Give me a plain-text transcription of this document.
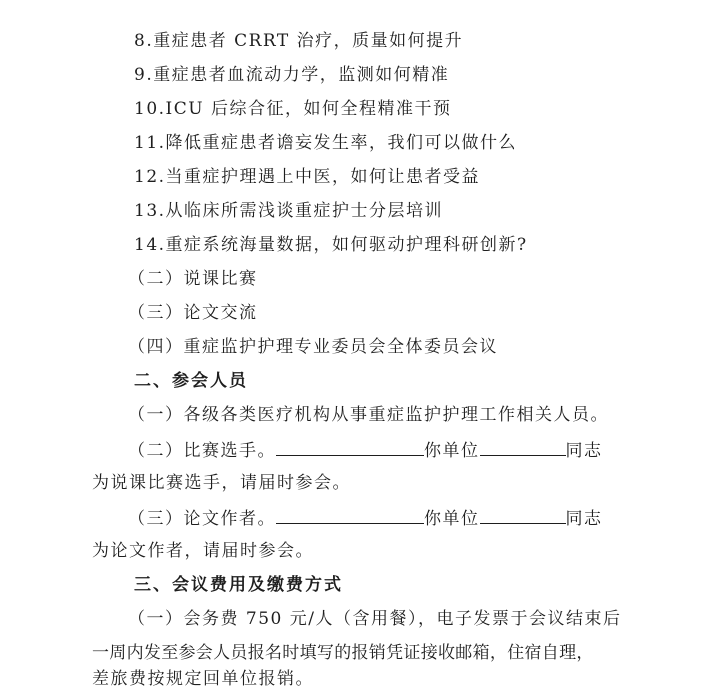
8.重症患者 CRRT 治疗，质量如何提升
9.重症患者血流动力学，监测如何精准
10.ICU 后综合征，如何全程精准干预
11.降低重症患者谵妄发生率，我们可以做什么
12.当重症护理遇上中医，如何让患者受益
13.从临床所需浅谈重症护士分层培训
14.重症系统海量数据，如何驱动护理科研创新?
（二）说课比赛
（三）论文交流
（四）重症监护护理专业委员会全体委员会议
二、参会人员
（一）各级各类医疗机构从事重症监护护理工作相关人员。
（二）比赛选手。	你单位	同志
为说课比赛选手，请届时参会。
（三）论文作者。	你单位	同志
为论文作者，请届时参会。
三、会议费用及缴费方式
（一）会务费 750 元/人（含用餐），电子发票于会议结束后
一周内发至参会人员报名时填写的报销凭证接收邮箱，住宿自理，
差旅费按规定回单位报销。
